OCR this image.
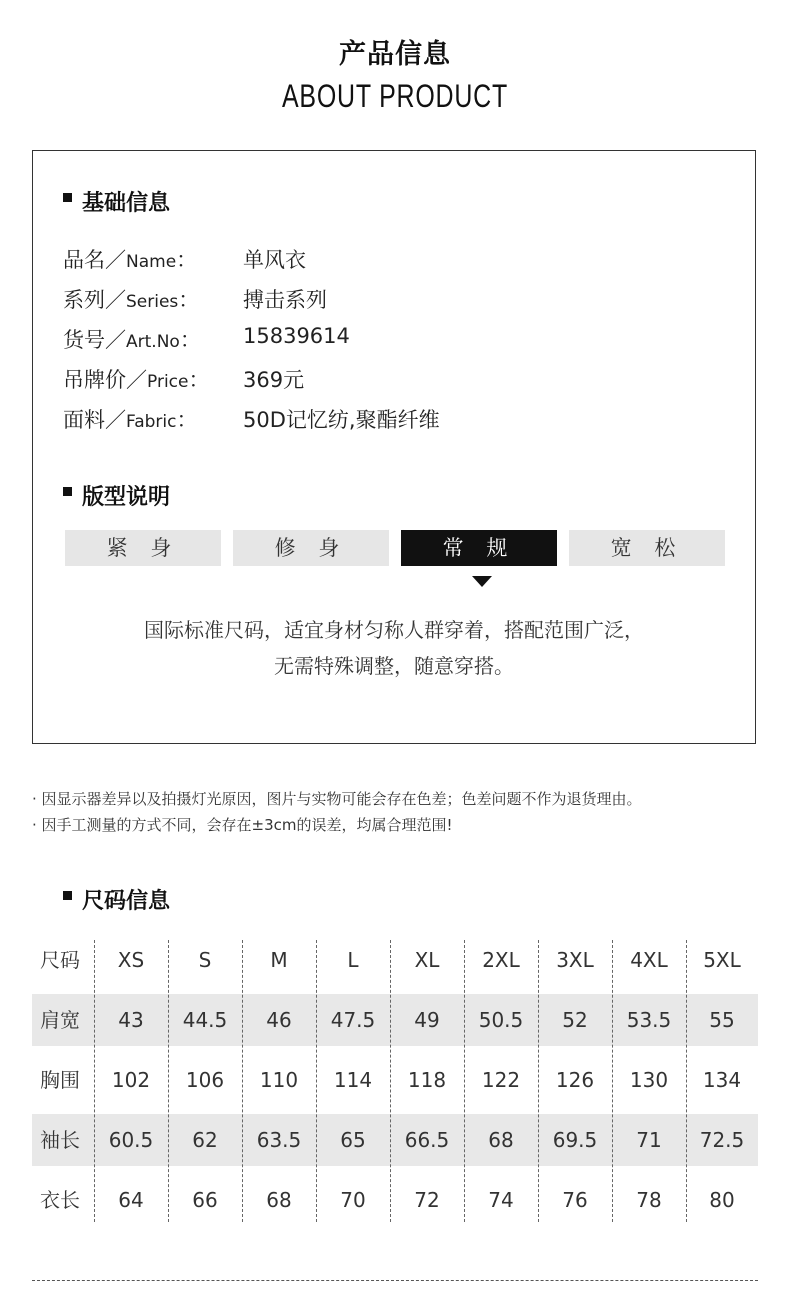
产品信息
ABOUT PRODUCT
基础信息
品名／Name： 单风衣
系列／Series： 搏击系列
货号／Art.No： 15839614
吊牌价／Price： 369元
面料／Fabric： 50D记忆纺,聚酯纤维
版型说明
紧 身	修 身	常 规	宽 松
国际标准尺码，适宜身材匀称人群穿着，搭配范围广泛，
无需特殊调整，随意穿搭。
· 因显示器差异以及拍摄灯光原因，图片与实物可能会存在色差；色差问题不作为退货理由。
· 因手工测量的方式不同，会存在±3cm的误差，均属合理范围!
尺码信息
尺码	XS	S	M	L	XL	2XL	3XL	4XL	5XL
肩宽	43	44.5	46	47.5	49	50.5	52	53.5	55
胸围	102	106	110	114	118	122	126	130	134
袖长	60.5	62	63.5	65	66.5	68	69.5	71	72.5
衣长	64	66	68	70	72	74	76	78	80
